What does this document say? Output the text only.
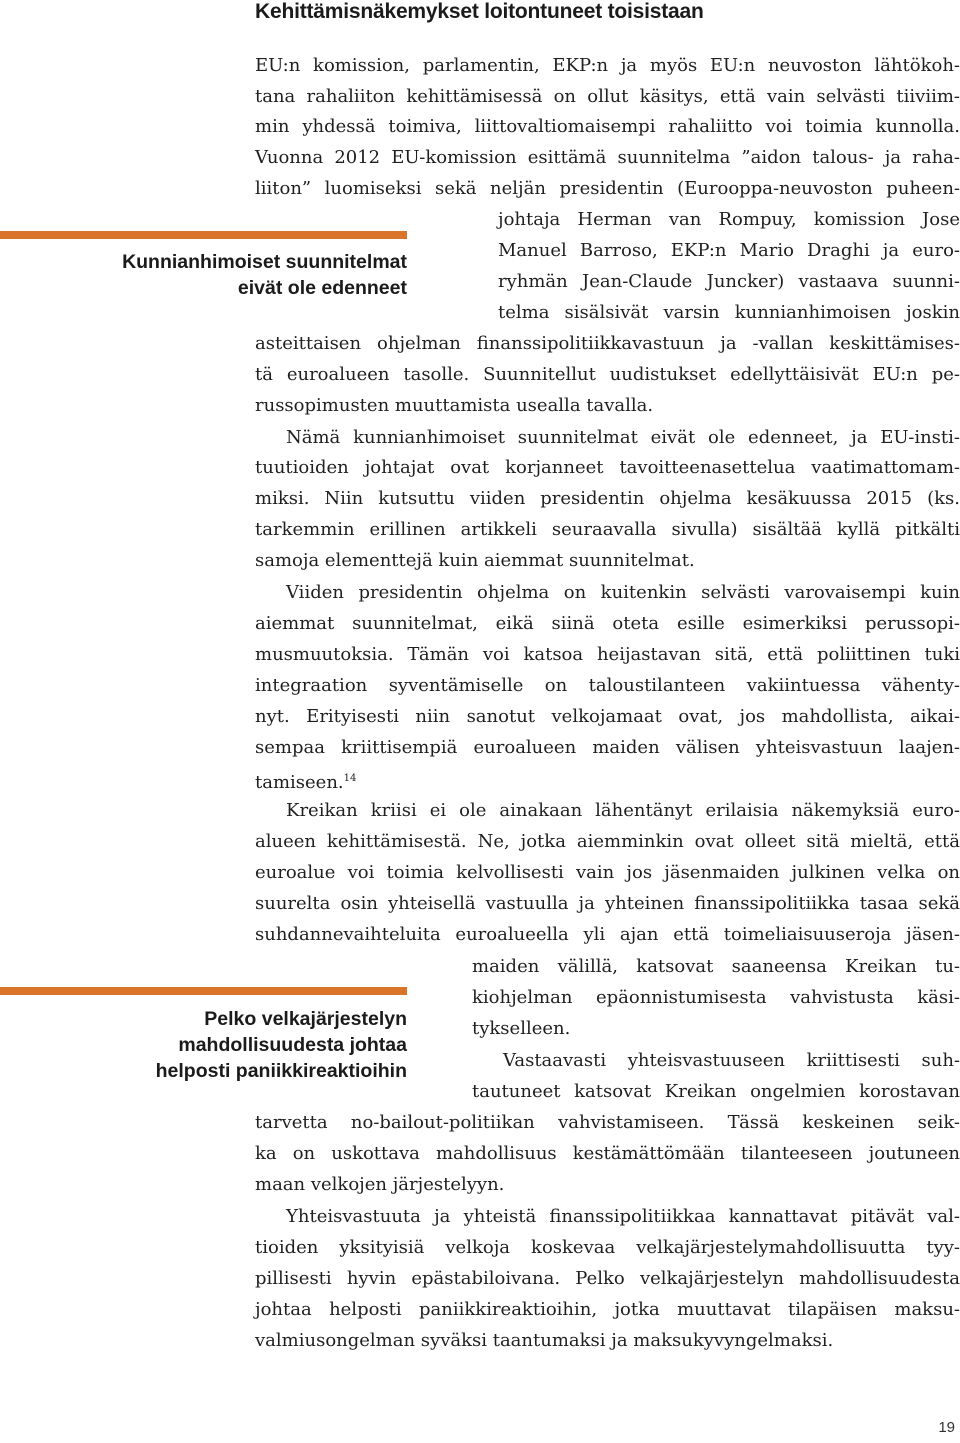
Kehittämisnäkemykset loitontuneet toisistaan
EU:n komission, parlamentin, EKP:n ja myös EU:n neuvoston lähtökoh-
tana rahaliiton kehittämisessä on ollut käsitys, että vain selvästi tiiviim-
min yhdessä toimiva, liittovaltiomaisempi rahaliitto voi toimia kunnolla.
Vuonna 2012 EU-komission esittämä suunnitelma ”aidon talous- ja raha-
liiton” luomiseksi sekä neljän presidentin (Eurooppa-neuvoston puheen-
johtaja Herman van Rompuy, komission Jose
Manuel Barroso, EKP:n Mario Draghi ja euro-
ryhmän Jean-Claude Juncker) vastaava suunni-
telma sisälsivät varsin kunnianhimoisen joskin
asteittaisen ohjelman finanssipolitiikkavastuun ja -vallan keskittämises-
tä euroalueen tasolle. Suunnitellut uudistukset edellyttäisivät EU:n pe-
russopimusten muuttamista usealla tavalla.
Nämä kunnianhimoiset suunnitelmat eivät ole edenneet, ja EU-insti-
tuutioiden johtajat ovat korjanneet tavoitteenasettelua vaatimattomam-
miksi. Niin kutsuttu viiden presidentin ohjelma kesäkuussa 2015 (ks.
tarkemmin erillinen artikkeli seuraavalla sivulla) sisältää kyllä pitkälti
samoja elementtejä kuin aiemmat suunnitelmat.
Viiden presidentin ohjelma on kuitenkin selvästi varovaisempi kuin
aiemmat suunnitelmat, eikä siinä oteta esille esimerkiksi perussopi-
musmuutoksia. Tämän voi katsoa heijastavan sitä, että poliittinen tuki
integraation syventämiselle on taloustilanteen vakiintuessa vähenty-
nyt. Erityisesti niin sanotut velkojamaat ovat, jos mahdollista, aikai-
sempaa kriittisempiä euroalueen maiden välisen yhteisvastuun laajen-
tamiseen.$^{14}$
Kreikan kriisi ei ole ainakaan lähentänyt erilaisia näkemyksiä euro-
alueen kehittämisestä. Ne, jotka aiemminkin ovat olleet sitä mieltä, että
euroalue voi toimia kelvollisesti vain jos jäsenmaiden julkinen velka on
suurelta osin yhteisellä vastuulla ja yhteinen finanssipolitiikka tasaa sekä
suhdannevaihteluita euroalueella yli ajan että toimeliaisuuseroja jäsen-
maiden välillä, katsovat saaneensa Kreikan tu-
kiohjelman epäonnistumisesta vahvistusta käsi-
tykselleen.
Vastaavasti yhteisvastuuseen kriittisesti suh-
tautuneet katsovat Kreikan ongelmien korostavan
tarvetta no-bailout-politiikan vahvistamiseen. Tässä keskeinen seik-
ka on uskottava mahdollisuus kestämättömään tilanteeseen joutuneen
maan velkojen järjestelyyn.
Yhteisvastuuta ja yhteistä finanssipolitiikkaa kannattavat pitävät val-
tioiden yksityisiä velkoja koskevaa velkajärjestelymahdollisuutta tyy-
pillisesti hyvin epästabiloivana. Pelko velkajärjestelyn mahdollisuudesta
johtaa helposti paniikkireaktioihin, jotka muuttavat tilapäisen maksu-
valmiusongelman syväksi taantumaksi ja maksukyvyngelmaksi.
Kunnianhimoiset suunnitelmat
eivät ole edenneet
Pelko velkajärjestelyn
mahdollisuudesta johtaa
helposti paniikkireaktioihin
19
